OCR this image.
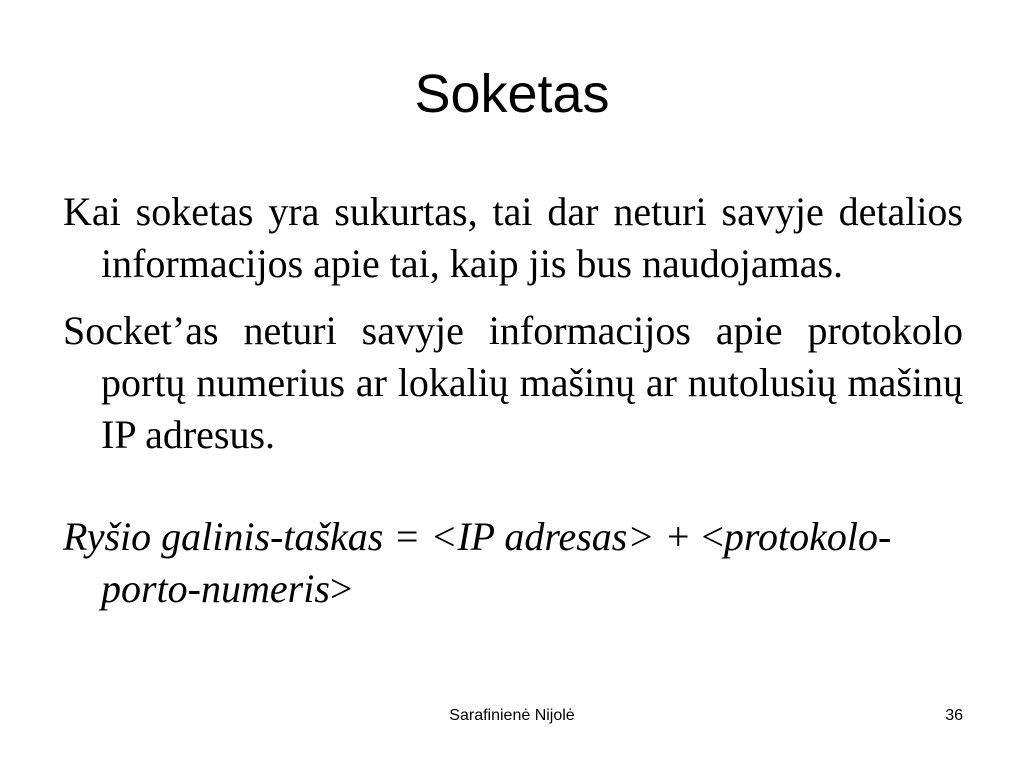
Soketas

Kai soketas yra sukurtas, tai dar neturi savyje detalios informacijos apie tai, kaip jis bus naudojamas.

Socket’as neturi savyje informacijos apie protokolo portų numerius ar lokalių mašinų ar nutolusių mašinų IP adresus.

Ryšio galinis-taškas = <IP adresas> + <protokolo-porto-numeris>

Sarafinienė Nijolė	36
